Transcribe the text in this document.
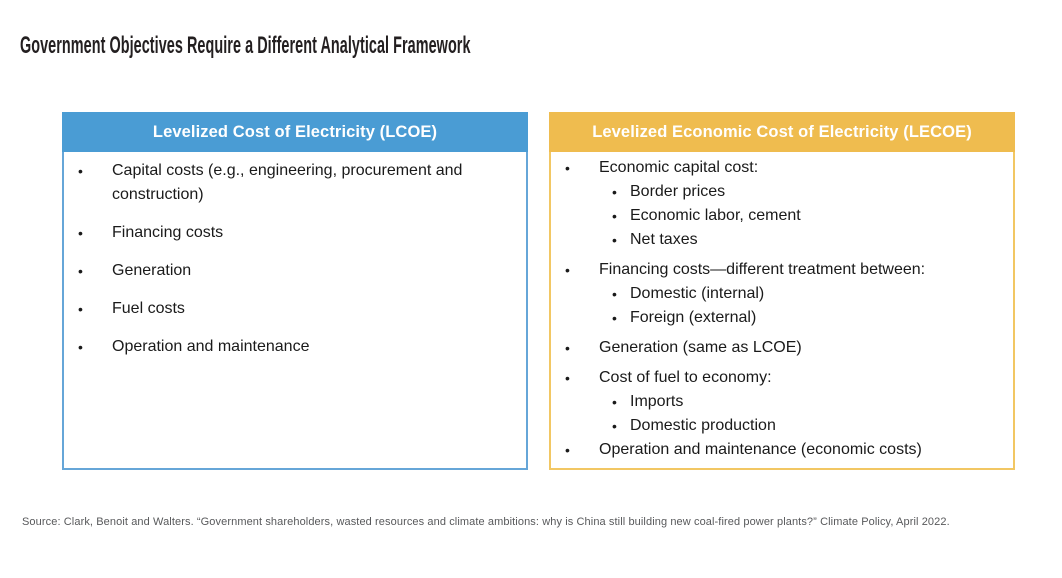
Government Objectives Require a Different Analytical Framework
Levelized Cost of Electricity (LCOE)
•	Capital costs (e.g., engineering, procurement and construction)
•	Financing costs
•	Generation
•	Fuel costs
•	Operation and maintenance
Levelized Economic Cost of Electricity (LECOE)
•	Economic capital cost:
• Border prices
• Economic labor, cement
• Net taxes
•	Financing costs—different treatment between:
• Domestic (internal)
• Foreign (external)
•	Generation (same as LCOE)
•	Cost of fuel to economy:
• Imports
• Domestic production
•	Operation and maintenance (economic costs)
Source: Clark, Benoit and Walters. “Government shareholders, wasted resources and climate ambitions: why is China still building new coal-fired power plants?” Climate Policy, April 2022.
